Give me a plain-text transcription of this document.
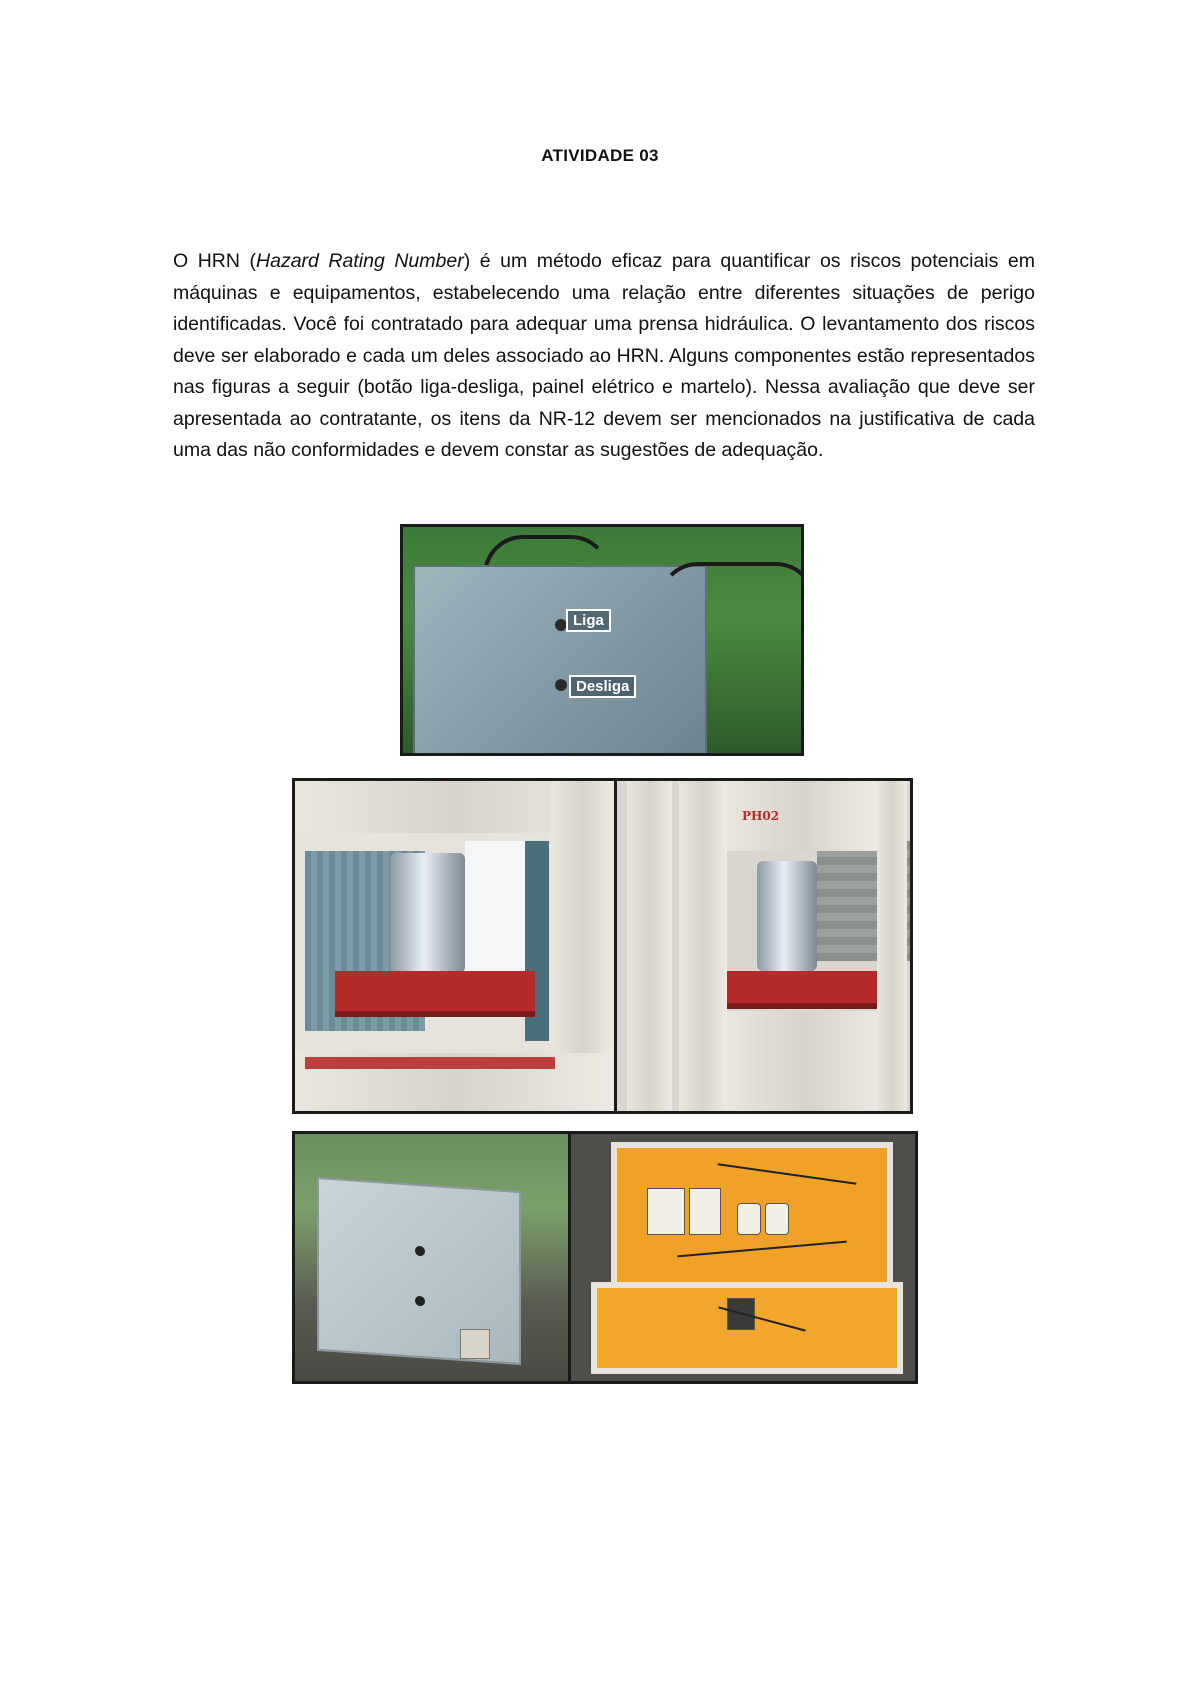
ATIVIDADE 03

O HRN (Hazard Rating Number) é um método eficaz para quantificar os riscos potenciais em máquinas e equipamentos, estabelecendo uma relação entre diferentes situações de perigo identificadas. Você foi contratado para adequar uma prensa hidráulica. O levantamento dos riscos deve ser elaborado e cada um deles associado ao HRN. Alguns componentes estão representados nas figuras a seguir (botão liga-desliga, painel elétrico e martelo). Nessa avaliação que deve ser apresentada ao contratante, os itens da NR-12 devem ser mencionados na justificativa de cada uma das não conformidades e devem constar as sugestões de adequação.

Liga
Desliga
PH02
